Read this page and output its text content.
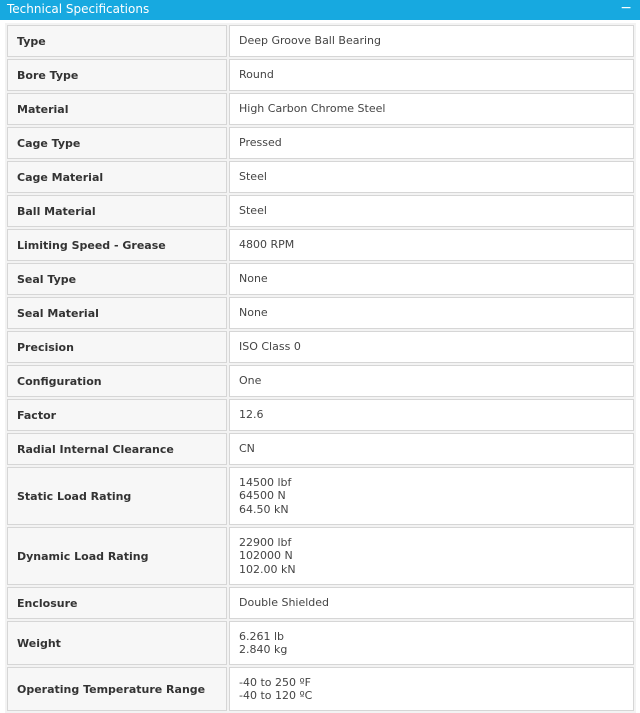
Technical Specifications	−
Type	Deep Groove Ball Bearing

Bore Type	Round

Material	High Carbon Chrome Steel

Cage Type	Pressed

Cage Material	Steel

Ball Material	Steel

Limiting Speed - Grease	4800 RPM

Seal Type	None

Seal Material	None

Precision	ISO Class 0

Configuration	One

Factor	12.6

Radial Internal Clearance	CN

Static Load Rating	14500 lbf
64500 N
64.50 kN

Dynamic Load Rating	22900 lbf
102000 N
102.00 kN

Enclosure	Double Shielded

Weight	6.261 lb
2.840 kg

Operating Temperature Range	-40 to 250 ºF
-40 to 120 ºC
